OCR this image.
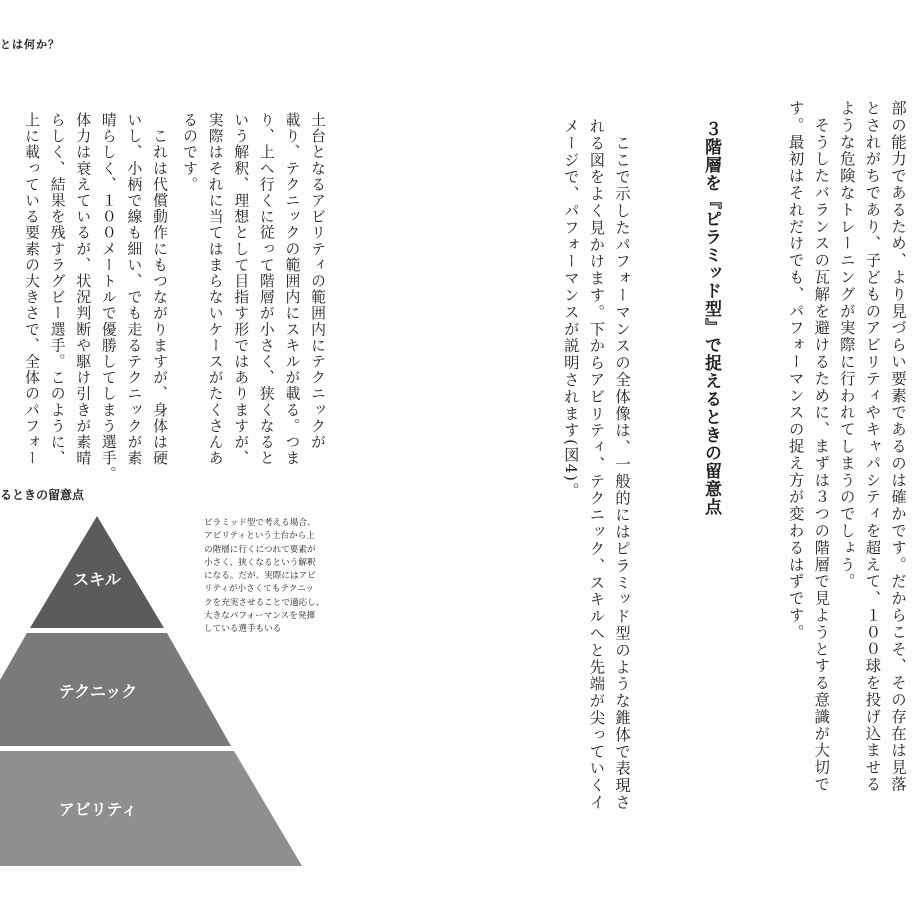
とは何か？
部の能力であるため、より見づらい要素であるのは確かです。だからこそ、その存在は見落
とされがちであり、子どものアビリティやキャパシティを超えて、１００球を投げ込ませる
ような危険なトレーニングが実際に行われてしまうのでしょう。
　そうしたバランスの瓦解を避けるために、まずは３つの階層で見ようとする意識が大切で
す。最初はそれだけでも、パフォーマンスの捉え方が変わるはずです。
３階層を『ピラミッド型』で捉えるときの留意点
　ここで示したパフォーマンスの全体像は、一般的にはピラミッド型のような錐体で表現さ
れる図をよく見かけます。下からアビリティ、テクニック、スキルへと先端が尖っていくイ
メージで、パフォーマンスが説明されます(図4)。
土台となるアビリティの範囲内にテクニックが
載り、テクニックの範囲内にスキルが載る。つま
り、上へ行くに従って階層が小さく、狭くなると
いう解釈、理想として目指す形ではありますが、
実際はそれに当てはまらないケースがたくさんあ
るのです。
　これは代償動作にもつながりますが、身体は硬
いし、小柄で線も細い、でも走るテクニックが素
晴らしく、１００メートルで優勝してしまう選手。
体力は衰えているが、状況判断や駆け引きが素晴
らしく、結果を残すラグビー選手。このように、
上に載っている要素の大きさで、全体のパフォー
るときの留意点
スキル
テクニック
アビリティ
ピラミッド型で考える場合、
アビリティという土台から上
の階層に行くにつれて要素が
小さく、狭くなるという解釈
になる。だが、実際にはアビ
リティが小さくてもテクニッ
クを充実させることで適応し、
大きなパフォーマンスを発揮
している選手もいる
